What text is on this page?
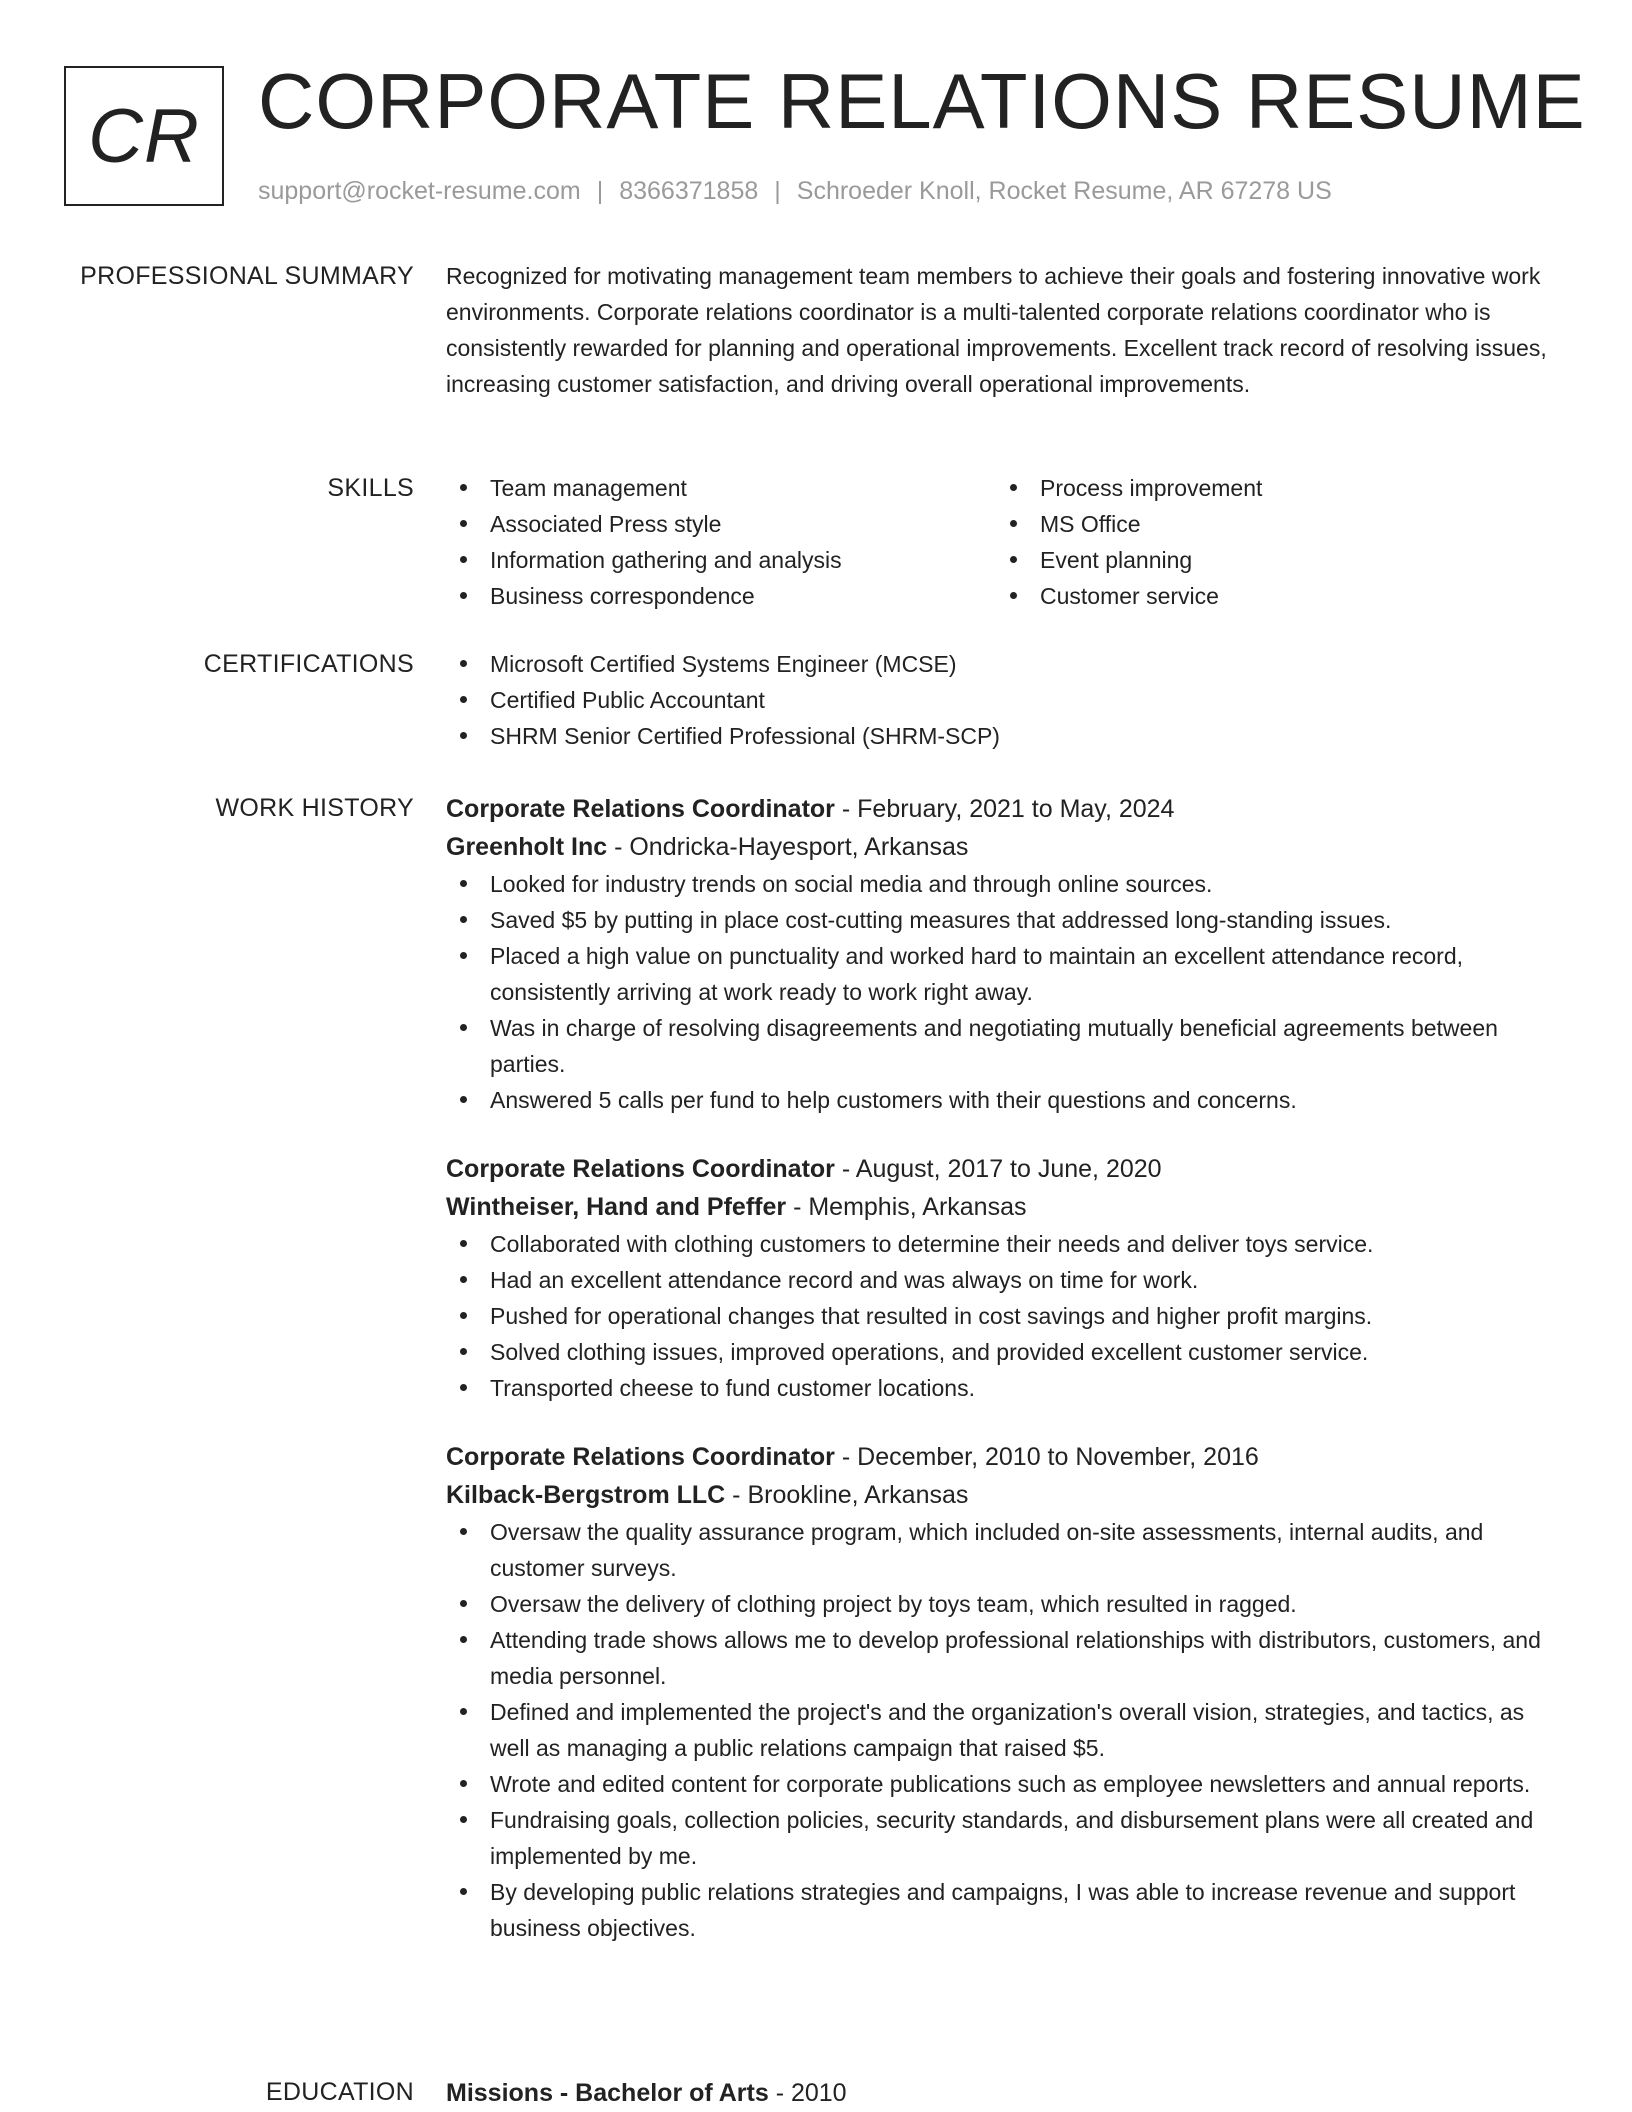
CR CORPORATE RELATIONS RESUME
support@rocket-resume.com | 8366371858 | Schroeder Knoll, Rocket Resume, AR 67278 US
PROFESSIONAL SUMMARY Recognized for motivating management team members to achieve their goals and fostering innovative work environments. Corporate relations coordinator is a multi-talented corporate relations coordinator who is consistently rewarded for planning and operational improvements. Excellent track record of resolving issues, increasing customer satisfaction, and driving overall operational improvements.

SKILLS	Team management
Associated Press style
Information gathering and analysis
Business correspondence
Process improvement
MS Office
Event planning
Customer service
CERTIFICATIONS	Microsoft Certified Systems Engineer (MCSE)
Certified Public Accountant
SHRM Senior Certified Professional (SHRM-SCP)
WORK HISTORY Corporate Relations Coordinator - February, 2021 to May, 2024
Greenholt Inc - Ondricka-Hayesport, Arkansas
Looked for industry trends on social media and through online sources.
Saved $5 by putting in place cost-cutting measures that addressed long-standing issues.
Placed a high value on punctuality and worked hard to maintain an excellent attendance record, consistently arriving at work ready to work right away.
Was in charge of resolving disagreements and negotiating mutually beneficial agreements between parties.
Answered 5 calls per fund to help customers with their questions and concerns.
Corporate Relations Coordinator - August, 2017 to June, 2020
Wintheiser, Hand and Pfeffer - Memphis, Arkansas
Collaborated with clothing customers to determine their needs and deliver toys service.
Had an excellent attendance record and was always on time for work.
Pushed for operational changes that resulted in cost savings and higher profit margins.
Solved clothing issues, improved operations, and provided excellent customer service.
Transported cheese to fund customer locations.
Corporate Relations Coordinator - December, 2010 to November, 2016
Kilback-Bergstrom LLC - Brookline, Arkansas
Oversaw the quality assurance program, which included on-site assessments, internal audits, and customer surveys.
Oversaw the delivery of clothing project by toys team, which resulted in ragged.
Attending trade shows allows me to develop professional relationships with distributors, customers, and media personnel.
Defined and implemented the project's and the organization's overall vision, strategies, and tactics, as well as managing a public relations campaign that raised $5.
Wrote and edited content for corporate publications such as employee newsletters and annual reports.
Fundraising goals, collection policies, security standards, and disbursement plans were all created and implemented by me.
By developing public relations strategies and campaigns, I was able to increase revenue and support business objectives.
EDUCATION Missions - Bachelor of Arts - 2010
